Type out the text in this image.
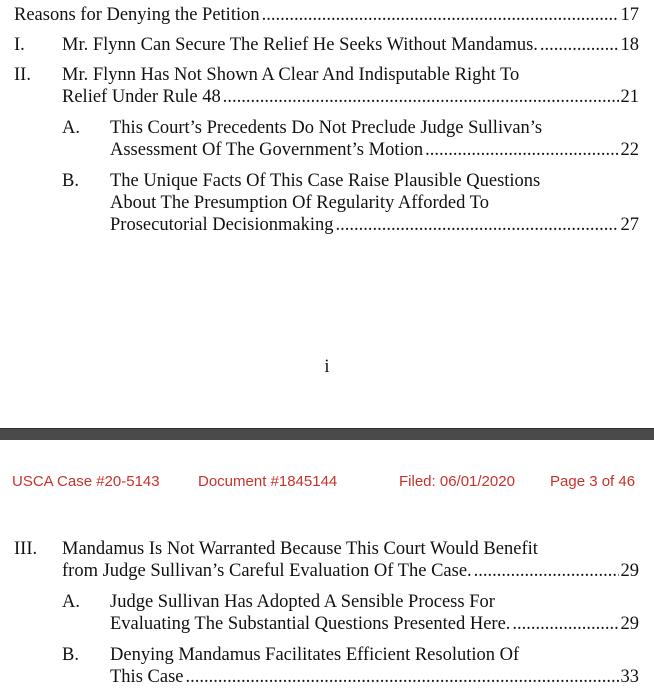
Reasons for Denying the Petition .....	17
I. Mr. Flynn Can Secure The Relief He Seeks Without Mandamus. .....	18
II. Mr. Flynn Has Not Shown A Clear And Indisputable Right To
Relief Under Rule 48 .....	21
A. This Court’s Precedents Do Not Preclude Judge Sullivan’s
Assessment Of The Government’s Motion .....	22
B. The Unique Facts Of This Case Raise Plausible Questions
About The Presumption Of Regularity Afforded To
Prosecutorial Decisionmaking .....	27
i
USCA Case #20-5143	Document #1845144	Filed: 06/01/2020 Page 3 of 46
III. Mandamus Is Not Warranted Because This Court Would Benefit
from Judge Sullivan’s Careful Evaluation Of The Case. .....	29
A. Judge Sullivan Has Adopted A Sensible Process For
Evaluating The Substantial Questions Presented Here. .....	29
B. Denying Mandamus Facilitates Efficient Resolution Of
This Case .....	33
